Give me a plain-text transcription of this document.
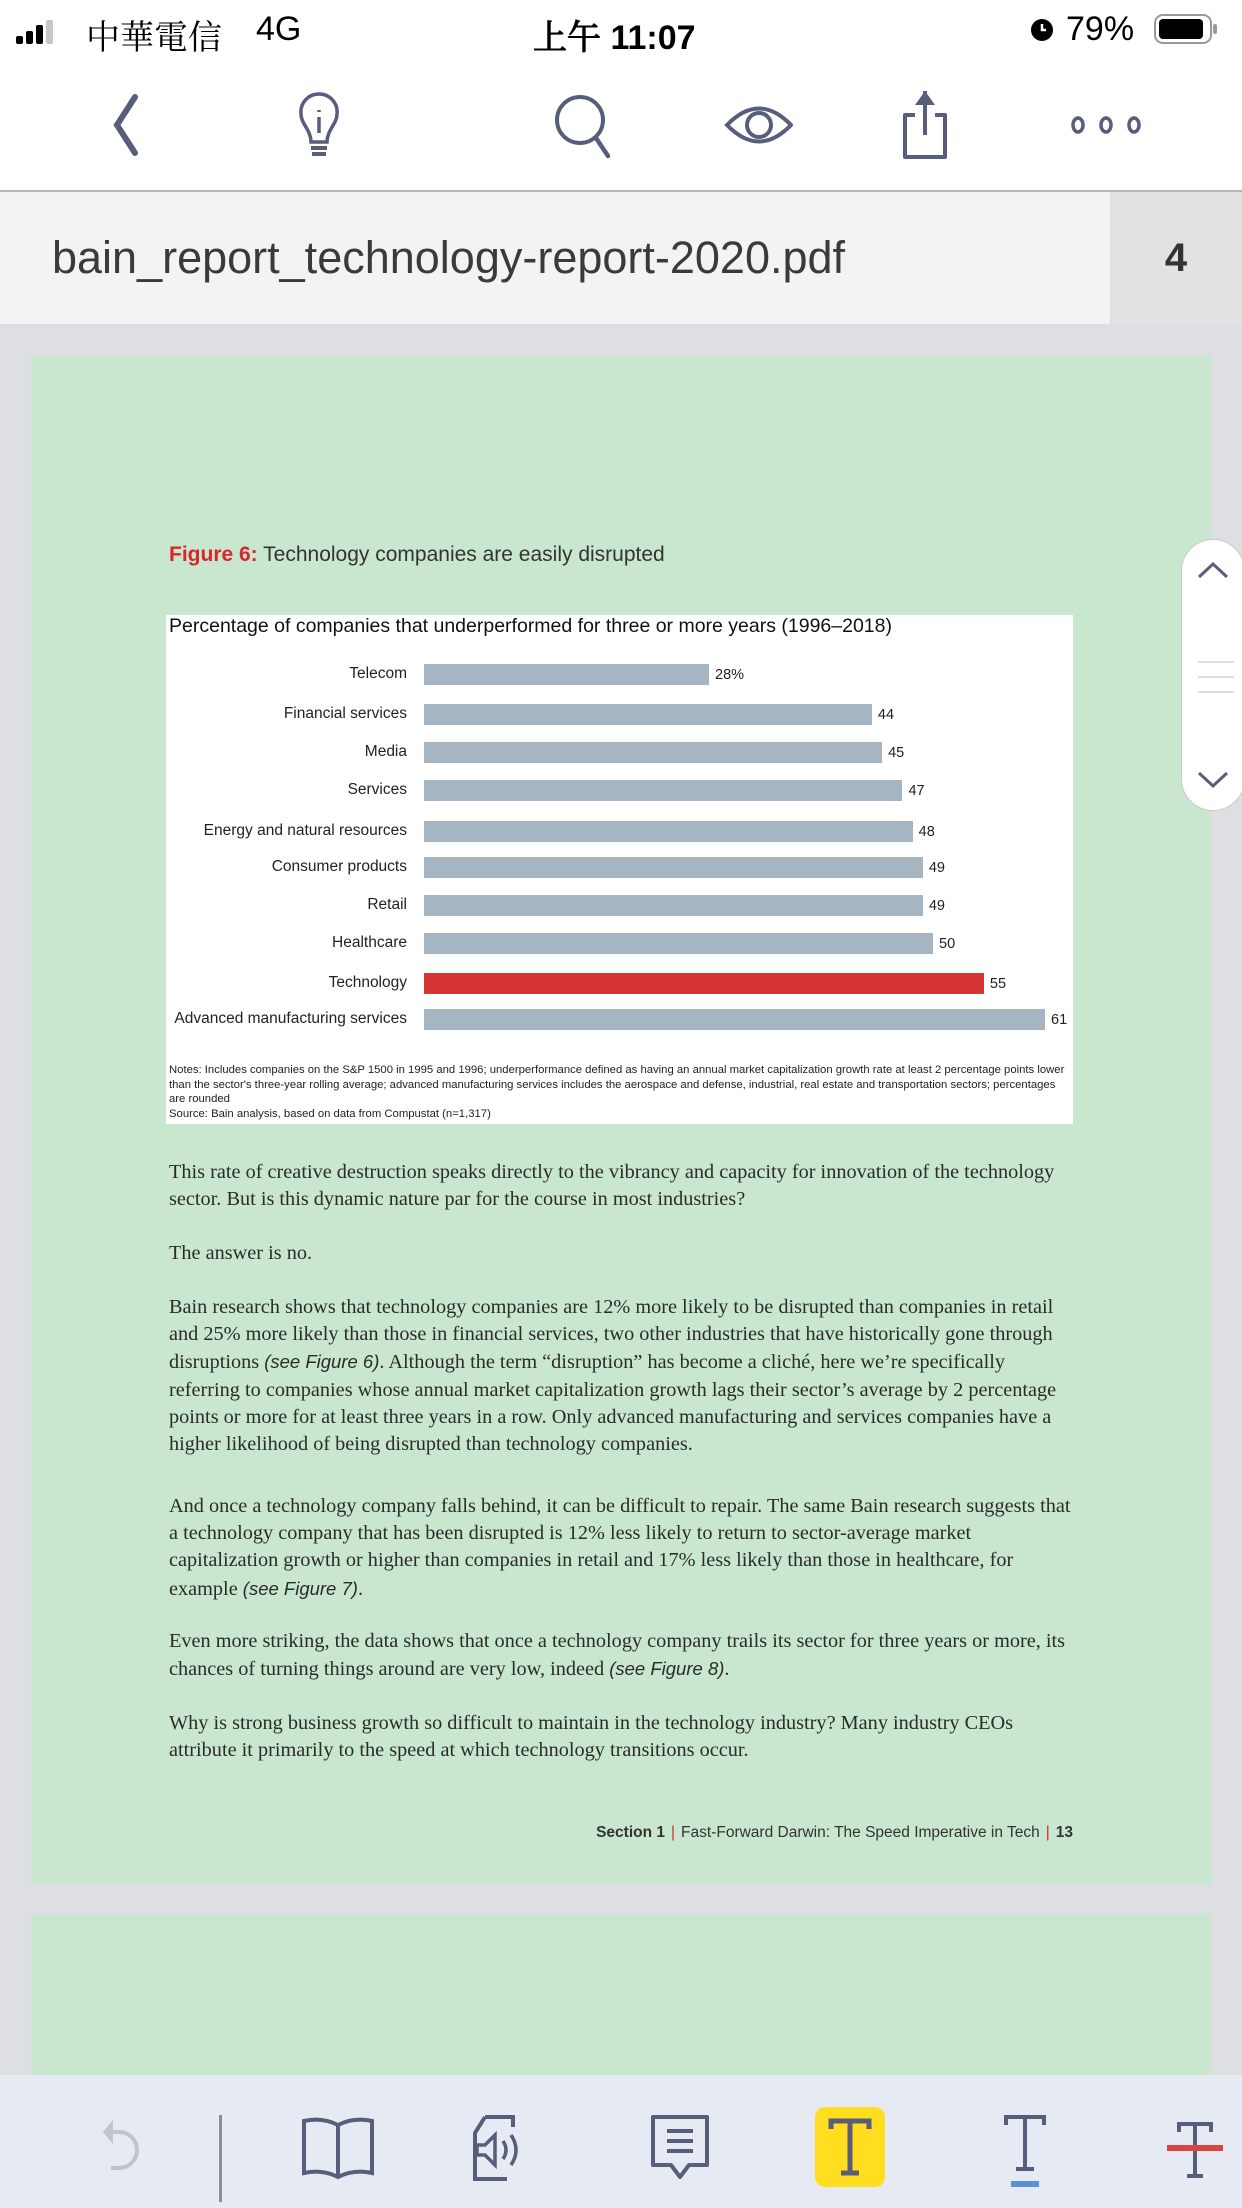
中華電信 4G	上午 11:07	79%
bain_report_technology-report-2020.pdf	4
Figure 6: Technology companies are easily disrupted
Percentage of companies that underperformed for three or more years (1996–2018)
Telecom	28%
Financial services	44
Media	45
Services	47
Energy and natural resources	48
Consumer products	49
Retail	49
Healthcare	50
Technology	55
Advanced manufacturing services	61
Notes: Includes companies on the S&P 1500 in 1995 and 1996; underperformance defined as having an annual market capitalization growth rate at least 2 percentage points lower than the sector's three-year rolling average; advanced manufacturing services includes the aerospace and defense, industrial, real estate and transportation sectors; percentages are rounded
Source: Bain analysis, based on data from Compustat (n=1,317)

This rate of creative destruction speaks directly to the vibrancy and capacity for innovation of the technology sector. But is this dynamic nature par for the course in most industries?

The answer is no.

Bain research shows that technology companies are 12% more likely to be disrupted than companies in retail and 25% more likely than those in financial services, two other industries that have historically gone through disruptions (see Figure 6). Although the term “disruption” has become a cliché, here we’re specifically referring to companies whose annual market capitalization growth lags their sector’s average by 2 percentage points or more for at least three years in a row. Only advanced manufacturing and services companies have a higher likelihood of being disrupted than technology companies.

And once a technology company falls behind, it can be difficult to repair. The same Bain research suggests that a technology company that has been disrupted is 12% less likely to return to sector-average market capitalization growth or higher than companies in retail and 17% less likely than those in healthcare, for example (see Figure 7).

Even more striking, the data shows that once a technology company trails its sector for three years or more, its chances of turning things around are very low, indeed (see Figure 8).

Why is strong business growth so difficult to maintain in the technology industry? Many industry CEOs attribute it primarily to the speed at which technology transitions occur.

Section 1 | Fast-Forward Darwin: The Speed Imperative in Tech | 13
